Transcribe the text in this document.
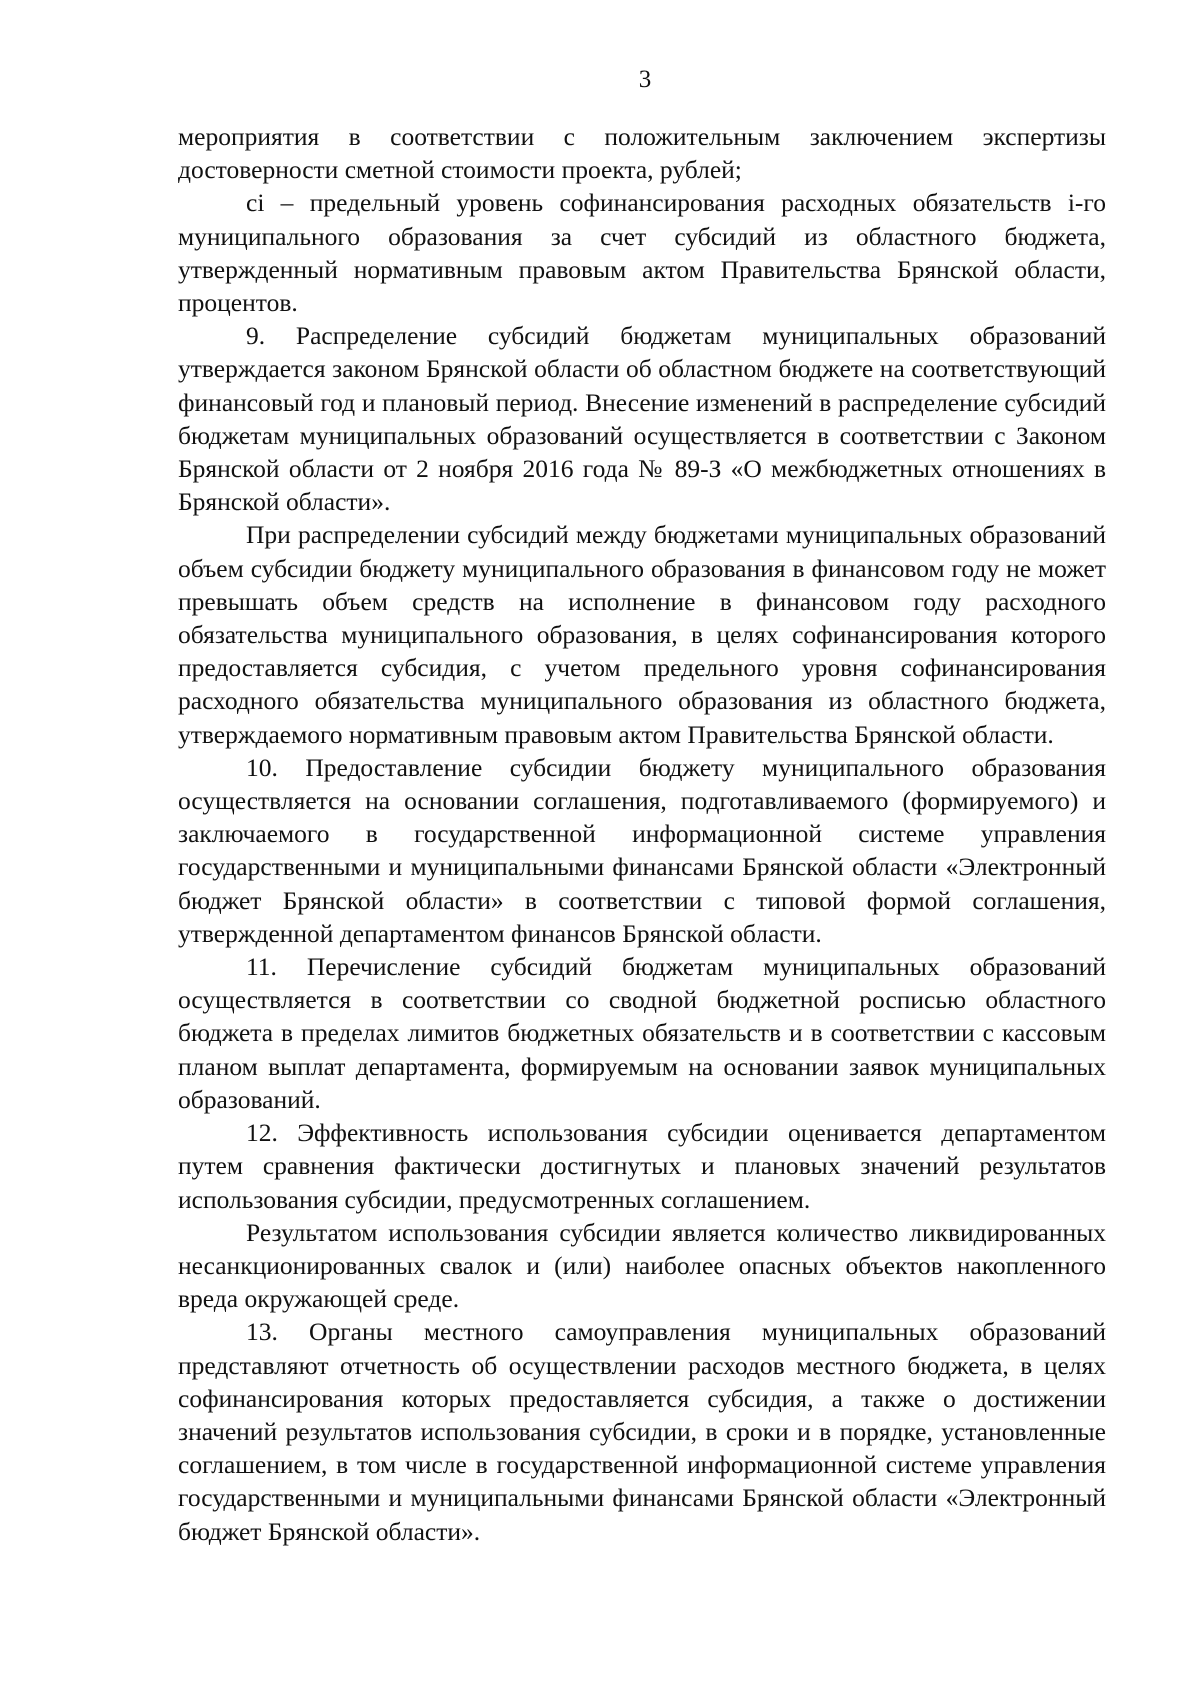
3

мероприятия в соответствии с положительным заключением экспертизы достоверности сметной стоимости проекта, рублей;

ci – предельный уровень софинансирования расходных обязательств i-го муниципального образования за счет субсидий из областного бюджета, утвержденный нормативным правовым актом Правительства Брянской области, процентов.

9. Распределение субсидий бюджетам муниципальных образований утверждается законом Брянской области об областном бюджете на соответствующий финансовый год и плановый период. Внесение изменений в распределение субсидий бюджетам муниципальных образований осуществляется в соответствии с Законом Брянской области от 2 ноября 2016 года № 89-З «О межбюджетных отношениях в Брянской области».

При распределении субсидий между бюджетами муниципальных образований объем субсидии бюджету муниципального образования в финансовом году не может превышать объем средств на исполнение в финансовом году расходного обязательства муниципального образования, в целях софинансирования которого предоставляется субсидия, с учетом предельного уровня софинансирования расходного обязательства муниципального образования из областного бюджета, утверждаемого нормативным правовым актом Правительства Брянской области.

10. Предоставление субсидии бюджету муниципального образования осуществляется на основании соглашения, подготавливаемого (формируемого) и заключаемого в государственной информационной системе управления государственными и муниципальными финансами Брянской области «Электронный бюджет Брянской области» в соответствии с типовой формой соглашения, утвержденной департаментом финансов Брянской области.

11. Перечисление субсидий бюджетам муниципальных образований осуществляется в соответствии со сводной бюджетной росписью областного бюджета в пределах лимитов бюджетных обязательств и в соответствии с кассовым планом выплат департамента, формируемым на основании заявок муниципальных образований.

12. Эффективность использования субсидии оценивается департаментом путем сравнения фактически достигнутых и плановых значений результатов использования субсидии, предусмотренных соглашением.

Результатом использования субсидии является количество ликвидированных несанкционированных свалок и (или) наиболее опасных объектов накопленного вреда окружающей среде.

13. Органы местного самоуправления муниципальных образований представляют отчетность об осуществлении расходов местного бюджета, в целях софинансирования которых предоставляется субсидия, а также о достижении значений результатов использования субсидии, в сроки и в порядке, установленные соглашением, в том числе в государственной информационной системе управления государственными и муниципальными финансами Брянской области «Электронный бюджет Брянской области».
